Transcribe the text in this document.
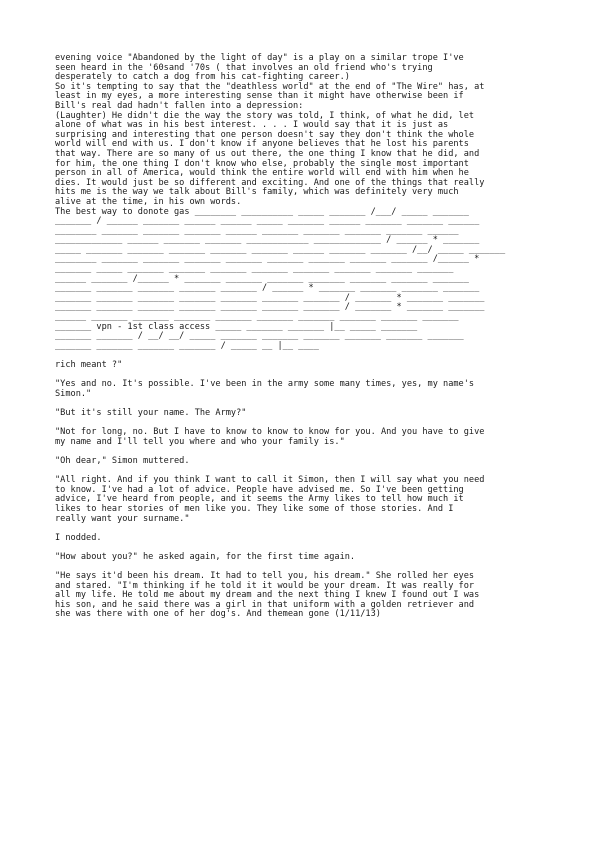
evening voice "Abandoned by the light of day" is a play on a similar trope I've
seen heard in the '60sand '70s ( that involves an old friend who's trying
desperately to catch a dog from his cat-fighting career.)
So it's tempting to say that the "deathless world" at the end of "The Wire" has, at
least in my eyes, a more interesting sense than it might have otherwise been if
Bill's real dad hadn't fallen into a depression:
(Laughter) He didn't die the way the story was told, I think, of what he did, let
alone of what was in his best interest. . . . I would say that it is just as
surprising and interesting that one person doesn't say they don't think the whole
world will end with us. I don't know if anyone believes that he lost his parents
that way. There are so many of us out there, the one thing I know that he did, and
for him, the one thing I don't know who else, probably the single most important
person in all of America, would think the entire world will end with him when he
dies. It would just be so different and exciting. And one of the things that really
hits me is the way we talk about Bill's family, which was definitely very much
alive at the time, in his own words.
The best way to donote gas ________ __________ _____ _______ /___/ _____ _______
_______ / ______ _______ ______ ______ _____ _______ ______ _______ _______ ______
________ _______ _______ _______ ______ _______ _______ _______ _______ ______
_____________ ______ _______ _______ ____________ _____________ / ______ * _______
_____ _______ _______ _______ _______ _______ ______ _______ _______ /__/ _____ _______
________ _______ _______ _______ _______ _______ _______ _______ _______ /______ *
_______ _____ _______ _______ _______ _______ _______ _______ _______ _______
______ _______ /______ * _______ _______ _______ _______ _______ _______ _______
_______ _______ _______ _______ _______ / ______ * _______ _______ _______ _______
_______ _______ _______ _______ _______ _______ _______ / _______ * _______ _______
_______ _______ _______ _______ _______ _______ _______ / _______ * _______ _______
______ _______ _______ _______ _______ _______ _______ _______ _______ _______
_______ vpn - 1st class access _____ _______ _______ |__ _____ _______
_______ _______ / __/ __/ _____ _______ _______ _______ _______ _______ _______
_______ _______ _______ _______ / _____ __ |__ ____

rich meant ?"

"Yes and no. It's possible. I've been in the army some many times, yes, my name's
Simon."

"But it's still your name. The Army?"

"Not for long, no. But I have to know to know to know for you. And you have to give
my name and I'll tell you where and who your family is."

"Oh dear," Simon muttered.

"All right. And if you think I want to call it Simon, then I will say what you need
to know. I've had a lot of advice. People have advised me. So I've been getting
advice, I've heard from people, and it seems the Army likes to tell how much it
likes to hear stories of men like you. They like some of those stories. And I
really want your surname."

I nodded.

"How about you?" he asked again, for the first time again.

"He says it'd been his dream. It had to tell you, his dream." She rolled her eyes
and stared. "I'm thinking if he told it it would be your dream. It was really for
all my life. He told me about my dream and the next thing I knew I found out I was
his son, and he said there was a girl in that uniform with a golden retriever and
she was there with one of her dog's. And themean gone (1/11/13)
